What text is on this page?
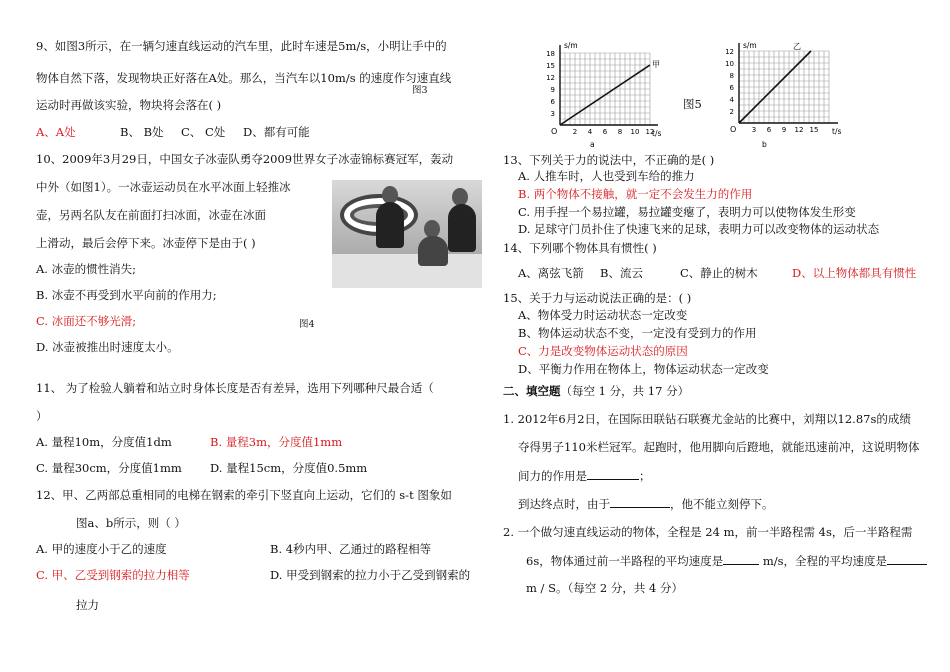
9、如图3所示，在一辆匀速直线运动的汽车里，此时车速是5m/s，小明让手中的
物体自然下落，发现物块正好落在A处。那么，当汽车以10m/s 的速度作匀速直线
图3
运动时再做该实验，物块将会落在( )
A、A处	B、 B处 C、 C处 D、都有可能
10、2009年3月29日，中国女子冰壶队勇夺2009世界女子冰壶锦标赛冠军，轰动
中外（如图1）。一冰壶运动员在水平冰面上轻推冰
壶，另两名队友在前面打扫冰面，冰壶在冰面
上滑动，最后会停下来。冰壶停下是由于( )
A. 冰壶的惯性消失;
B. 冰壶不再受到水平向前的作用力;
C. 冰面还不够光滑;	图4
D. 冰壶被推出时速度太小。
11、 为了检验人躺着和站立时身体长度是否有差异，选用下列哪种尺最合适（
）
A. 量程10m，分度值1dm	B. 量程3m，分度值1mm
C. 量程30cm，分度值1mm D. 量程15cm，分度值0.5mm
12、甲、乙两部总重相同的电梯在钢索的牵引下竖直向上运动，它们的 s-t 图象如
图a、b所示，则（ ）
A. 甲的速度小于乙的速度	B. 4秒内甲、乙通过的路程相等
C. 甲、乙受到钢索的拉力相等	D. 甲受到钢索的拉力小于乙受到钢索的
拉力
s/m
t/s
甲
O
a
3
6
9
12
15
18
2 4 6 8 10 12
图5
s/m
t/s
乙
O
b
2
4
6
8
10
12
3 6 9 12 15
13、下列关于力的说法中，不正确的是( )
A. 人推车时，人也受到车给的推力
B. 两个物体不接触，就一定不会发生力的作用
C. 用手捏一个易拉罐，易拉罐变瘪了，表明力可以使物体发生形变
D. 足球守门员扑住了快速飞来的足球，表明力可以改变物体的运动状态
14、下列哪个物体具有惯性( )
A、离弦飞箭 B、流云	C、静止的树木	D、以上物体都具有惯性
15、关于力与运动说法正确的是：( )
A、物体受力时运动状态一定改变
B、物体运动状态不变，一定没有受到力的作用
C、力是改变物体运动状态的原因
D、平衡力作用在物体上，物体运动状态一定改变
二、填空题（每空 1 分，共 17 分）
1. 2012年6月2日，在国际田联钻石联赛尤金站的比赛中，刘翔以12.87s的成绩
夺得男子110米栏冠军。起跑时，他用脚向后蹬地，就能迅速前冲，这说明物体
间力的作用是	；
到达终点时，由于	，他不能立刻停下。
2. 一个做匀速直线运动的物体，全程是 24 m，前一半路程需 4s，后一半路程需
6s，物体通过前一半路程的平均速度是	m/s，全程的平均速度是
m / S。（每空 2 分，共 4 分）
